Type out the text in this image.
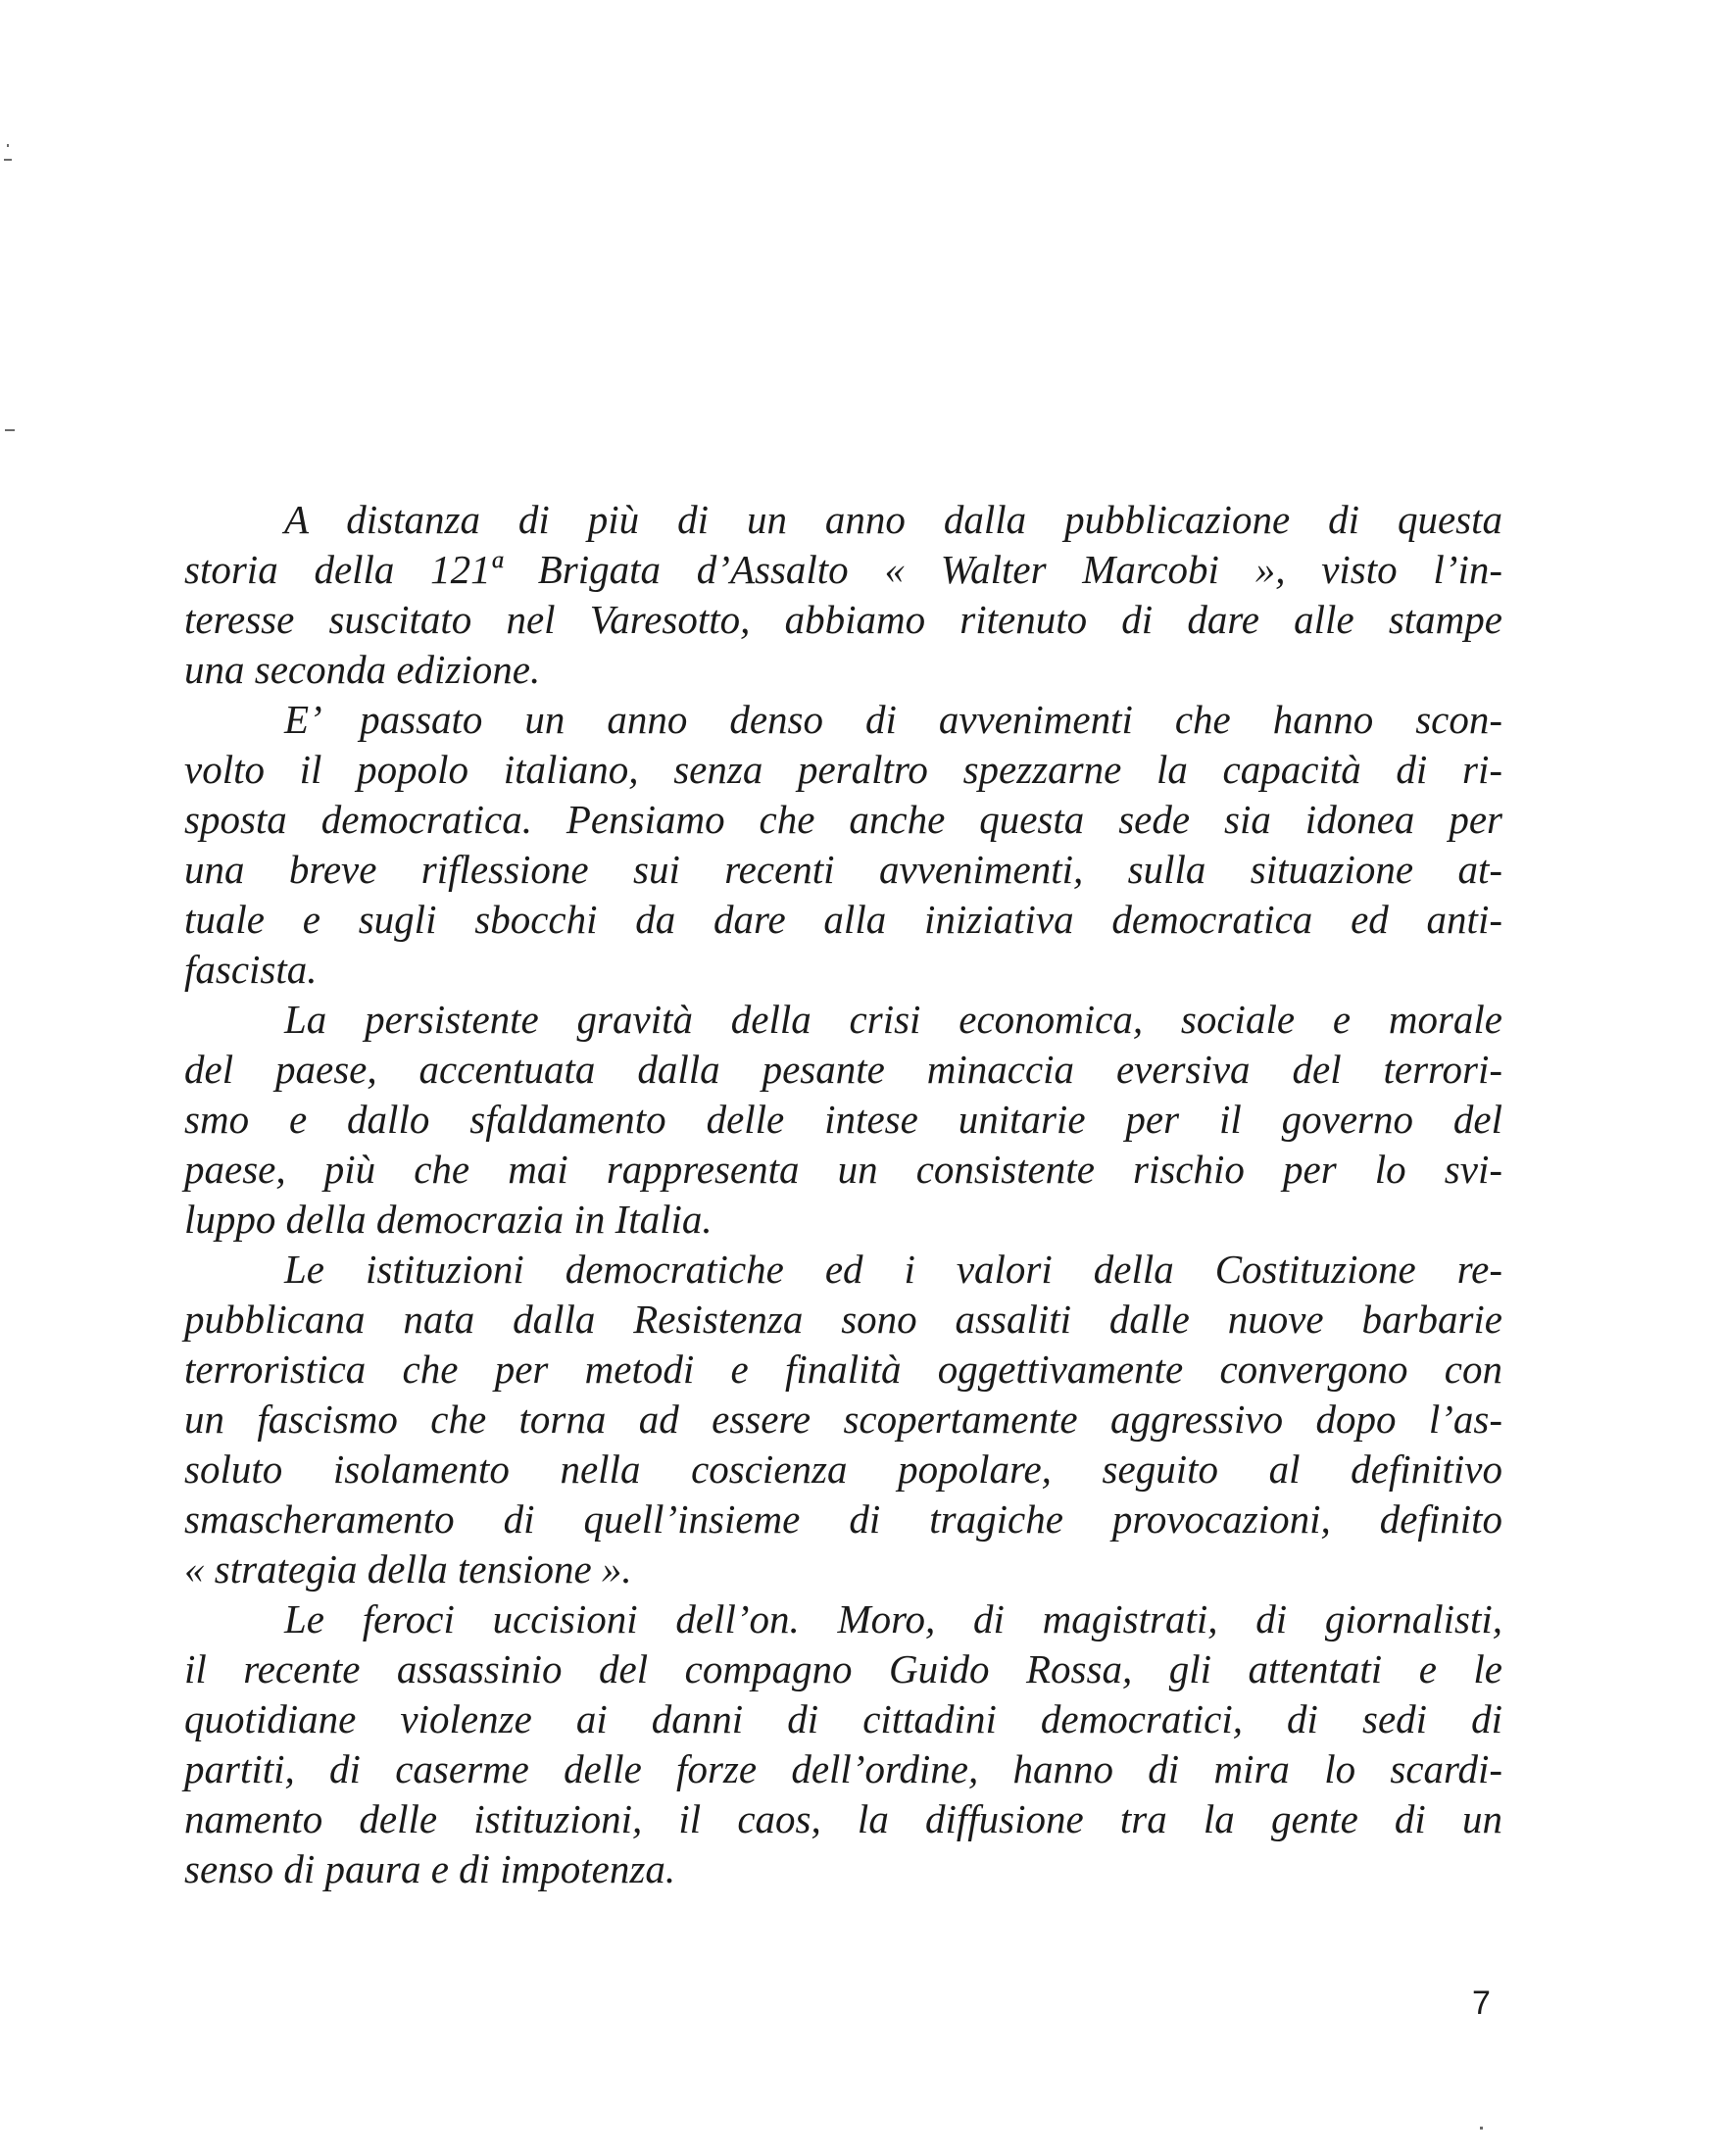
A distanza di più di un anno dalla pubblicazione di questa
storia della 121ª Brigata d’Assalto « Walter Marcobi », visto l’in-
teresse suscitato nel Varesotto, abbiamo ritenuto di dare alle stampe
una seconda edizione.
E’ passato un anno denso di avvenimenti che hanno scon-
volto il popolo italiano, senza peraltro spezzarne la capacità di ri-
sposta democratica. Pensiamo che anche questa sede sia idonea per
una breve riflessione sui recenti avvenimenti, sulla situazione at-
tuale e sugli sbocchi da dare alla iniziativa democratica ed anti-
fascista.
La persistente gravità della crisi economica, sociale e morale
del paese, accentuata dalla pesante minaccia eversiva del terrori-
smo e dallo sfaldamento delle intese unitarie per il governo del
paese, più che mai rappresenta un consistente rischio per lo svi-
luppo della democrazia in Italia.
Le istituzioni democratiche ed i valori della Costituzione re-
pubblicana nata dalla Resistenza sono assaliti dalle nuove barbarie
terroristica che per metodi e finalità oggettivamente convergono con
un fascismo che torna ad essere scopertamente aggressivo dopo l’as-
soluto isolamento nella coscienza popolare, seguito al definitivo
smascheramento di quell’insieme di tragiche provocazioni, definito
« strategia della tensione ».
Le feroci uccisioni dell’on. Moro, di magistrati, di giornalisti,
il recente assassinio del compagno Guido Rossa, gli attentati e le
quotidiane violenze ai danni di cittadini democratici, di sedi di
partiti, di caserme delle forze dell’ordine, hanno di mira lo scardi-
namento delle istituzioni, il caos, la diffusione tra la gente di un
senso di paura e di impotenza.
7
